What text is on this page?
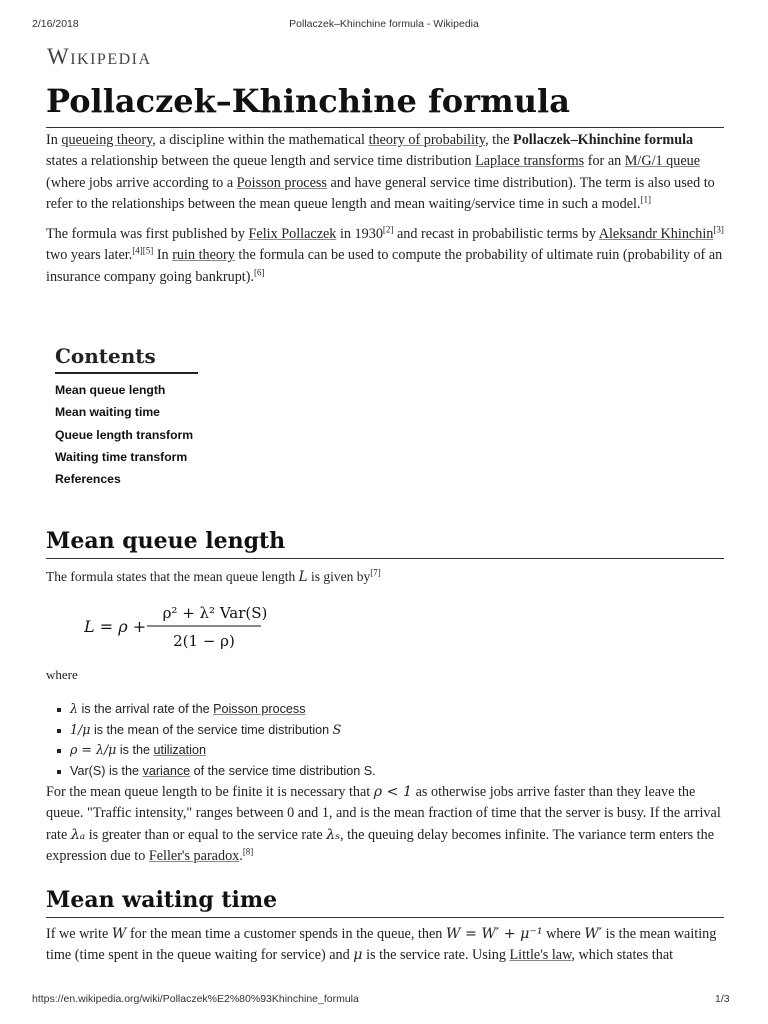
2/16/2018	Pollaczek–Khinchine formula - Wikipedia
Wikipedia
Pollaczek–Khinchine formula

In queueing theory, a discipline within the mathematical theory of probability, the Pollaczek–Khinchine formula states a relationship between the queue length and service time distribution Laplace transforms for an M/G/1 queue (where jobs arrive according to a Poisson process and have general service time distribution). The term is also used to refer to the relationships between the mean queue length and mean waiting/service time in such a model.[1]

The formula was first published by Felix Pollaczek in 1930[2] and recast in probabilistic terms by Aleksandr Khinchin[3] two years later.[4][5] In ruin theory the formula can be used to compute the probability of ultimate ruin (probability of an insurance company going bankrupt).[6]

Contents
Mean queue length
Mean waiting time
Queue length transform
Waiting time transform
References
Mean queue length

The formula states that the mean queue length L is given by[7]

L = ρ +
ρ² + λ² Var(S)
2(1 − ρ)
where
λ is the arrival rate of the Poisson process
1/μ is the mean of the service time distribution S
ρ = λ/μ is the utilization
Var(S) is the variance of the service time distribution S.

For the mean queue length to be finite it is necessary that ρ < 1 as otherwise jobs arrive faster than they leave the queue. "Traffic intensity," ranges between 0 and 1, and is the mean fraction of time that the server is busy. If the arrival rate λₐ is greater than or equal to the service rate λₛ, the queuing delay becomes infinite. The variance term enters the expression due to Feller's paradox.[8]

Mean waiting time

If we write W for the mean time a customer spends in the queue, then W = W′ + μ⁻¹ where W′ is the mean waiting time (time spent in the queue waiting for service) and μ is the service rate. Using Little's law, which states that

https://en.wikipedia.org/wiki/Pollaczek%E2%80%93Khinchine_formula	1/3
